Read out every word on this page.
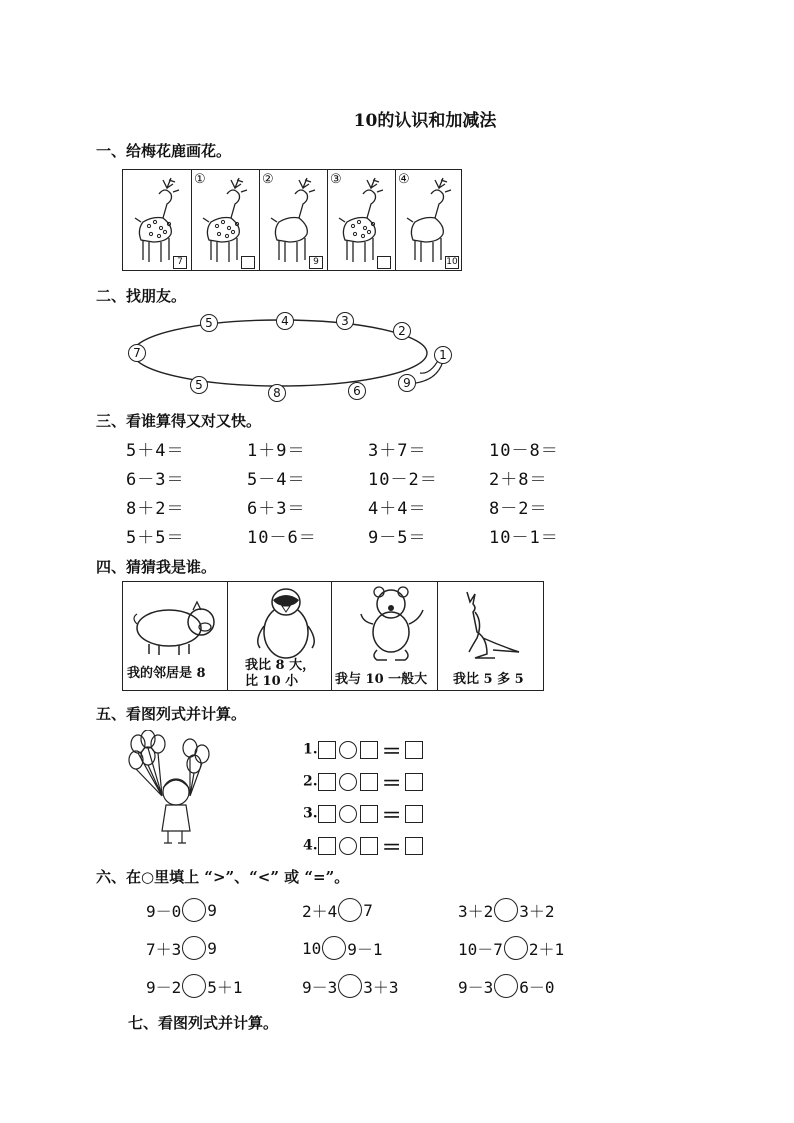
10的认识和加减法
一、给梅花鹿画花。
7
①	②
9
③	④
10
二、找朋友。
5	4	3
2
7	1
5
8	6
9
三、看谁算得又对又快。
5＋4＝	1＋9＝	3＋7＝	10－8＝
6－3＝	5－4＝	10－2＝	2＋8＝
8＋2＝	6＋3＝	4＋4＝	8－2＝
5＋5＝	10－6＝	9－5＝	10－1＝
四、猜猜我是谁。
我的邻居是 8
我比 8 大，
比 10 小	我与 10 一般大	我比 5 多 5
五、看图列式并计算。
1.	＝
2.	＝
3.	＝
4.	＝
六、在○里填上 “>”、“<” 或 “=”。
9－0 9	2＋4 7	3＋2 3＋2
7＋3 9	10 9－1	10－7 2＋1
9－2 5＋1	9－3 3＋3	9－3 6－0
七、看图列式并计算。
